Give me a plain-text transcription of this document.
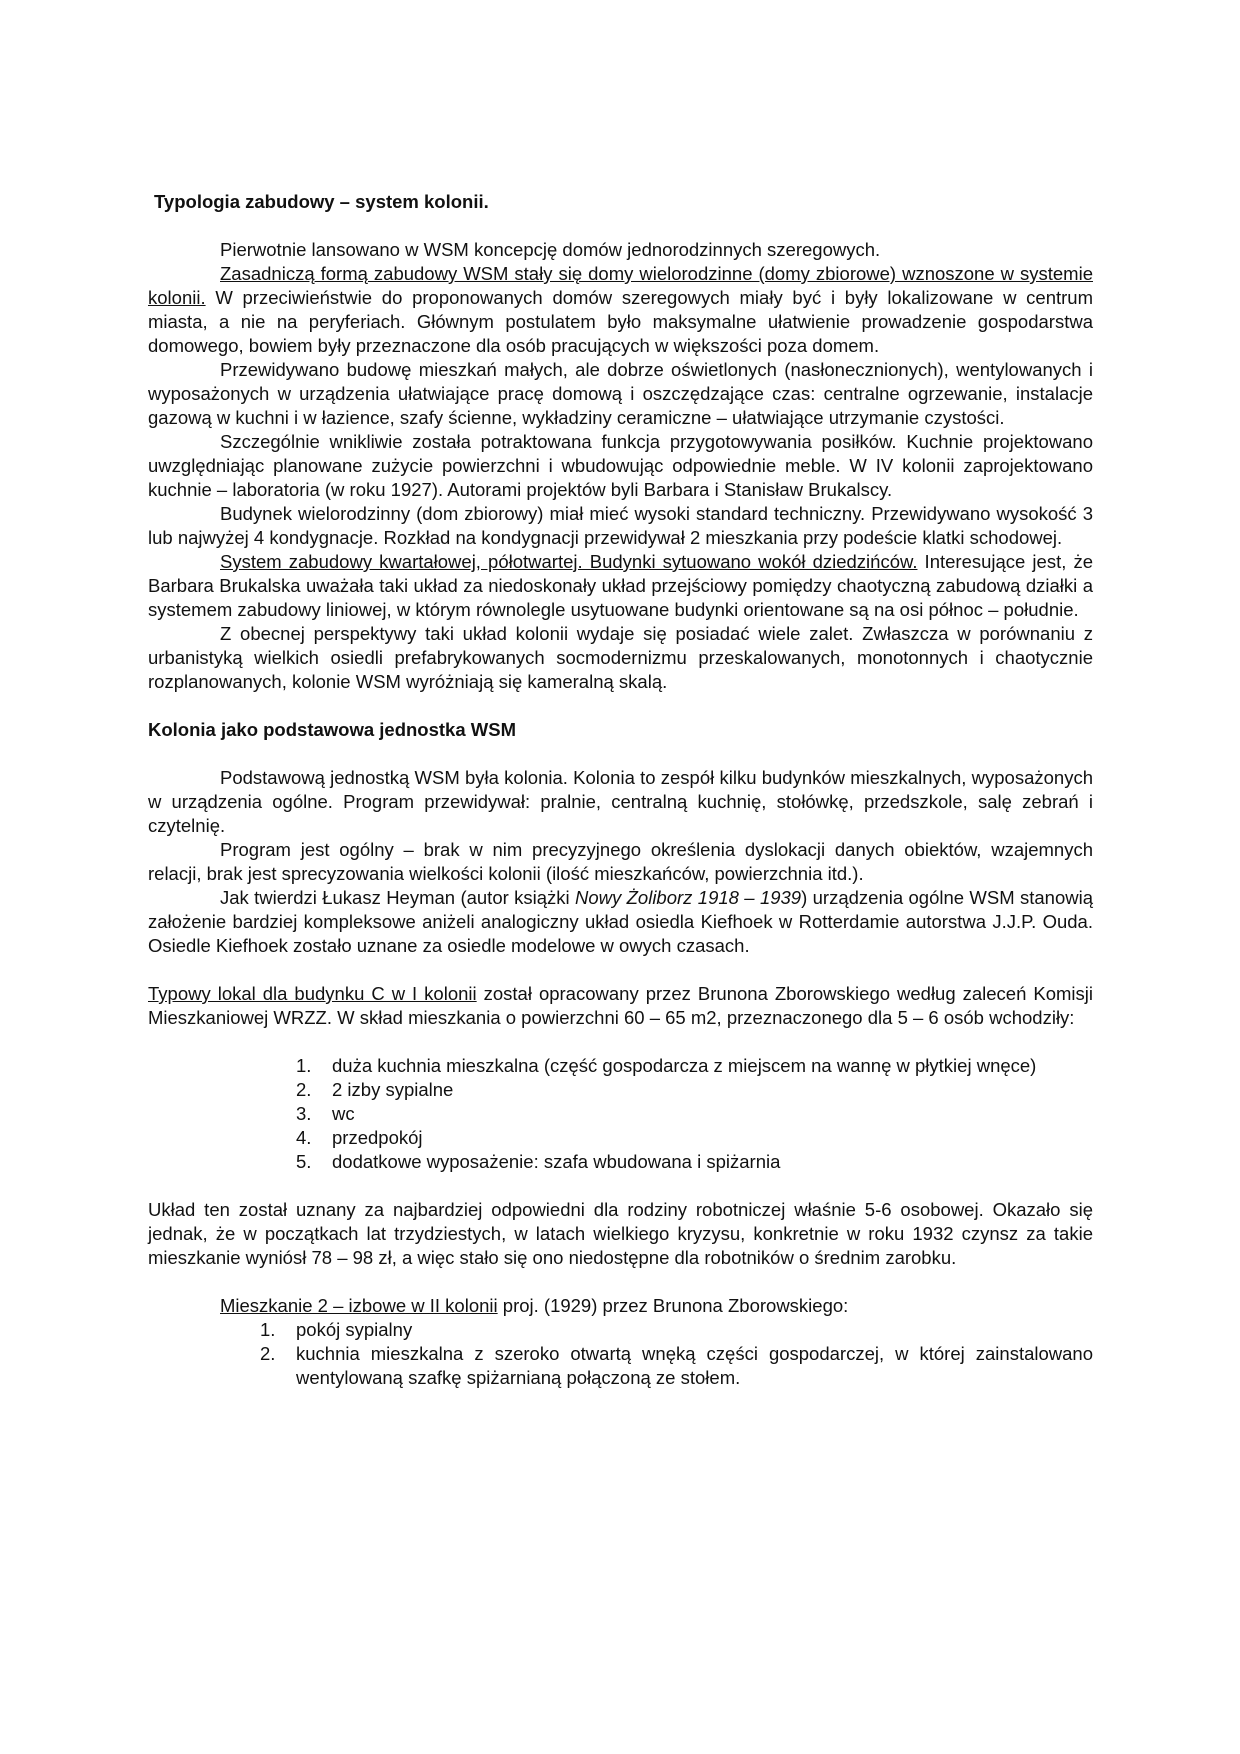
Typologia zabudowy – system kolonii.

Pierwotnie lansowano w WSM koncepcję domów jednorodzinnych szeregowych.

Zasadniczą formą zabudowy WSM stały się domy wielorodzinne (domy zbiorowe) wznoszone w systemie kolonii. W przeciwieństwie do proponowanych domów szeregowych miały być i były lokalizowane w centrum miasta, a nie na peryferiach. Głównym postulatem było maksymalne ułatwienie prowadzenie gospodarstwa domowego, bowiem były przeznaczone dla osób pracujących w większości poza domem.

Przewidywano budowę mieszkań małych, ale dobrze oświetlonych (nasłonecznionych), wentylowanych i wyposażonych w urządzenia ułatwiające pracę domową i oszczędzające czas: centralne ogrzewanie, instalacje gazową w kuchni i w łazience, szafy ścienne, wykładziny ceramiczne – ułatwiające utrzymanie czystości.

Szczególnie wnikliwie została potraktowana funkcja przygotowywania posiłków. Kuchnie projektowano uwzględniając planowane zużycie powierzchni i wbudowując odpowiednie meble. W IV kolonii zaprojektowano kuchnie – laboratoria (w roku 1927). Autorami projektów byli Barbara i Stanisław Brukalscy.

Budynek wielorodzinny (dom zbiorowy) miał mieć wysoki standard techniczny. Przewidywano wysokość 3 lub najwyżej 4 kondygnacje. Rozkład na kondygnacji przewidywał 2 mieszkania przy podeście klatki schodowej.

System zabudowy kwartałowej, półotwartej. Budynki sytuowano wokół dziedzińców. Interesujące jest, że Barbara Brukalska uważała taki układ za niedoskonały układ przejściowy pomiędzy chaotyczną zabudową działki a systemem zabudowy liniowej, w którym równolegle usytuowane budynki orientowane są na osi północ – południe.

Z obecnej perspektywy taki układ kolonii wydaje się posiadać wiele zalet. Zwłaszcza w porównaniu z urbanistyką wielkich osiedli prefabrykowanych socmodernizmu przeskalowanych, monotonnych i chaotycznie rozplanowanych, kolonie WSM wyróżniają się kameralną skalą.

Kolonia jako podstawowa jednostka WSM

Podstawową jednostką WSM była kolonia. Kolonia to zespół kilku budynków mieszkalnych, wyposażonych w urządzenia ogólne. Program przewidywał: pralnie, centralną kuchnię, stołówkę, przedszkole, salę zebrań i czytelnię.

Program jest ogólny – brak w nim precyzyjnego określenia dyslokacji danych obiektów, wzajemnych relacji, brak jest sprecyzowania wielkości kolonii (ilość mieszkańców, powierzchnia itd.).

Jak twierdzi Łukasz Heyman (autor książki Nowy Żoliborz 1918 – 1939) urządzenia ogólne WSM stanowią założenie bardziej kompleksowe aniżeli analogiczny układ osiedla Kiefhoek w Rotterdamie autorstwa J.J.P. Ouda. Osiedle Kiefhoek zostało uznane za osiedle modelowe w owych czasach.

Typowy lokal dla budynku C w I kolonii został opracowany przez Brunona Zborowskiego według zaleceń Komisji Mieszkaniowej WRZZ. W skład mieszkania o powierzchni 60 – 65 m2, przeznaczonego dla 5 – 6 osób wchodziły:

1.	duża kuchnia mieszkalna (część gospodarcza z miejscem na wannę w płytkiej wnęce)
2.	2 izby sypialne
3.	wc
4.	przedpokój
5.	dodatkowe wyposażenie: szafa wbudowana i spiżarnia

Układ ten został uznany za najbardziej odpowiedni dla rodziny robotniczej właśnie 5-6 osobowej. Okazało się jednak, że w początkach lat trzydziestych, w latach wielkiego kryzysu, konkretnie w roku 1932 czynsz za takie mieszkanie wyniósł 78 – 98 zł, a więc stało się ono niedostępne dla robotników o średnim zarobku.

Mieszkanie 2 – izbowe w II kolonii proj. (1929) przez Brunona Zborowskiego:

1.	pokój sypialny
2.	kuchnia mieszkalna z szeroko otwartą wnęką części gospodarczej, w której zainstalowano wentylowaną szafkę spiżarnianą połączoną ze stołem.
